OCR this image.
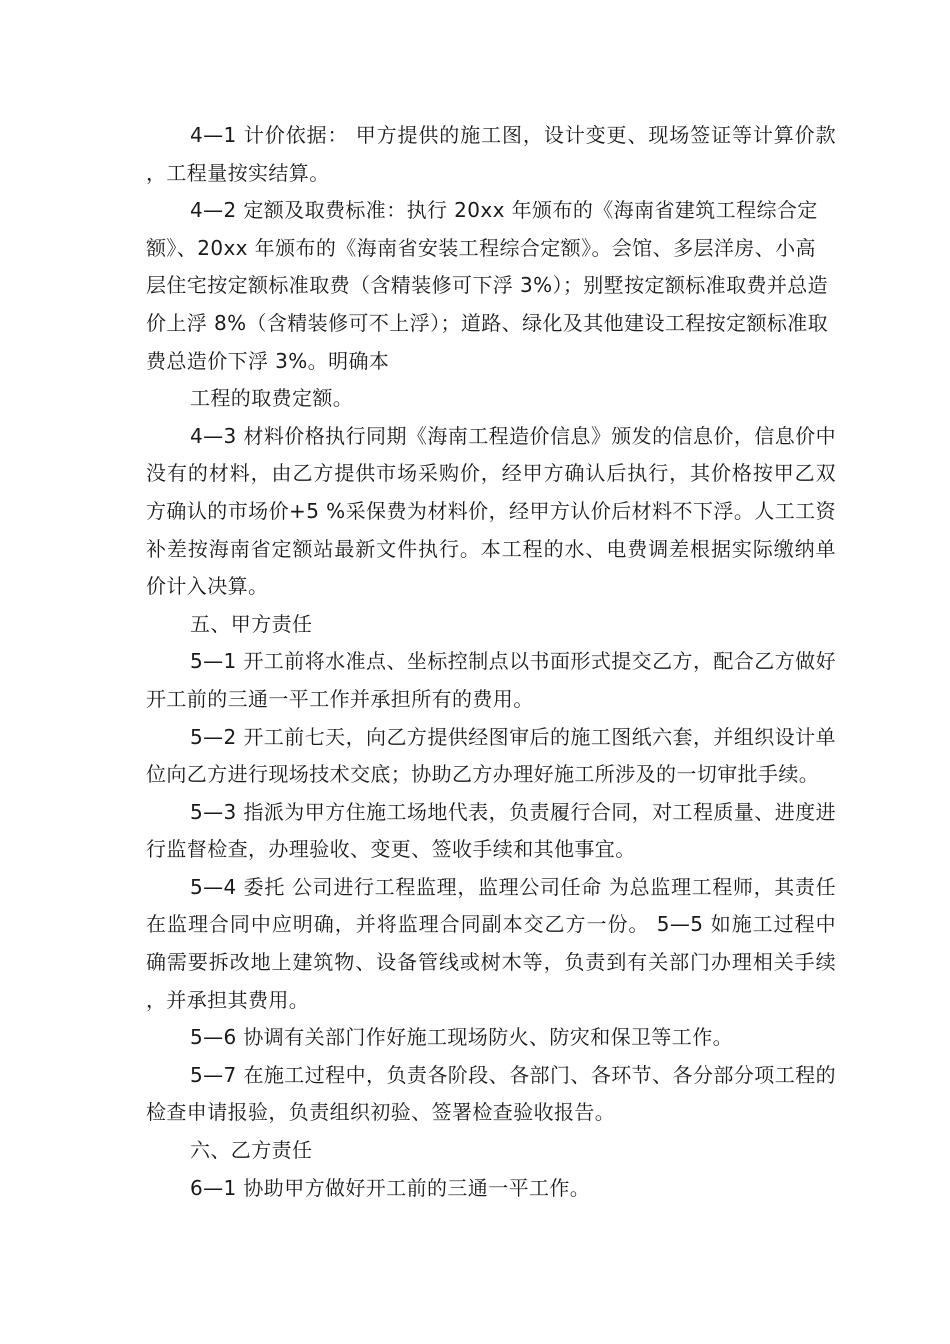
4—1 计价依据： 甲方提供的施工图，设计变更、现场签证等计算价款，工程量按实结算。

4—2 定额及取费标准：执行 20xx 年颁布的《海南省建筑工程综合定额》、20xx 年颁布的《海南省安装工程综合定额》。会馆、多层洋房、小高层住宅按定额标准取费（含精装修可下浮 3%）；别墅按定额标准取费并总造价上浮 8%（含精装修可不上浮）；道路、绿化及其他建设工程按定额标准取费总造价下浮 3%。明确本

工程的取费定额。

4—3 材料价格执行同期《海南工程造价信息》颁发的信息价，信息价中没有的材料，由乙方提供市场采购价，经甲方确认后执行，其价格按甲乙双方确认的市场价+5 %采保费为材料价，经甲方认价后材料不下浮。人工工资补差按海南省定额站最新文件执行。本工程的水、电费调差根据实际缴纳单价计入决算。

五、甲方责任

5—1 开工前将水准点、坐标控制点以书面形式提交乙方，配合乙方做好开工前的三通一平工作并承担所有的费用。

5—2 开工前七天，向乙方提供经图审后的施工图纸六套，并组织设计单位向乙方进行现场技术交底；协助乙方办理好施工所涉及的一切审批手续。

5—3 指派为甲方住施工场地代表，负责履行合同，对工程质量、进度进行监督检查，办理验收、变更、签收手续和其他事宜。

5—4 委托 公司进行工程监理，监理公司任命 为总监理工程师，其责任在监理合同中应明确，并将监理合同副本交乙方一份。 5—5 如施工过程中确需要拆改地上建筑物、设备管线或树木等，负责到有关部门办理相关手续，并承担其费用。

5—6 协调有关部门作好施工现场防火、防灾和保卫等工作。

5—7 在施工过程中，负责各阶段、各部门、各环节、各分部分项工程的检查申请报验，负责组织初验、签署检查验收报告。

六、乙方责任

6—1 协助甲方做好开工前的三通一平工作。
